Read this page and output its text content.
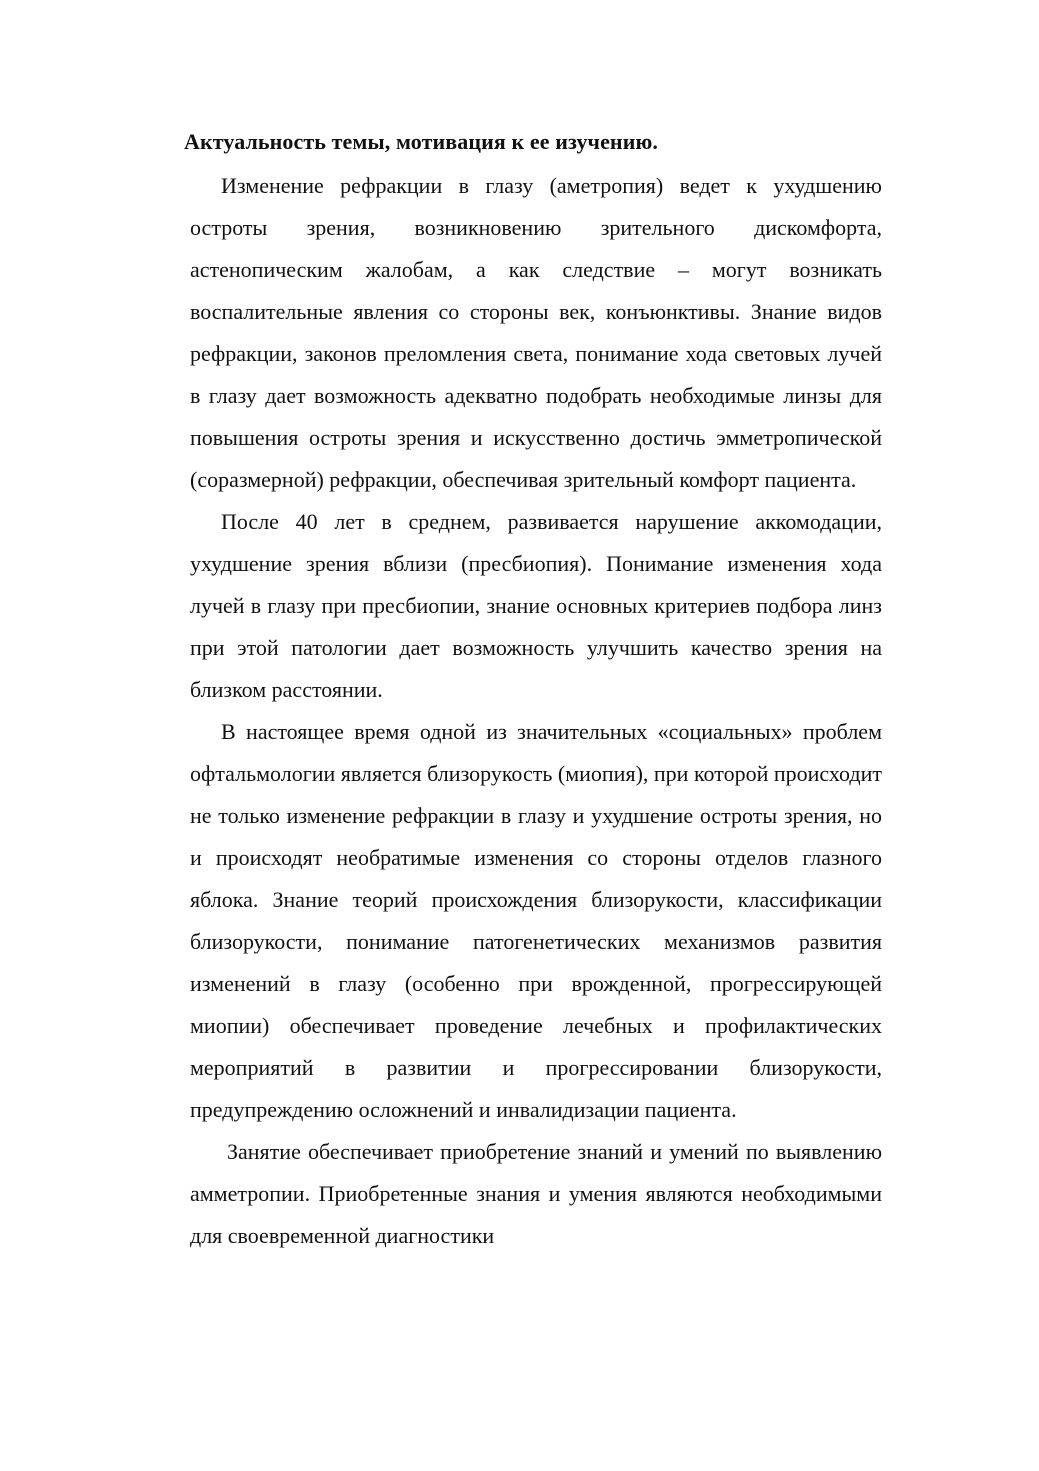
Актуальность темы, мотивация к ее изучению.

Изменение рефракции в глазу (аметропия) ведет к ухудшению остроты зрения, возникновению зрительного дискомфорта, астенопическим жалобам, а как следствие – могут возникать воспалительные явления со стороны век, конъюнктивы. Знание видов рефракции, законов преломления света, понимание хода световых лучей в глазу дает возможность адекватно подобрать необходимые линзы для повышения остроты зрения и искусственно достичь эмметропической (соразмерной) рефракции, обеспечивая зрительный комфорт пациента.

После 40 лет в среднем, развивается нарушение аккомодации, ухудшение зрения вблизи (пресбиопия). Понимание изменения хода лучей в глазу при пресбиопии, знание основных критериев подбора линз при этой патологии дает возможность улучшить качество зрения на близком расстоянии.

В настоящее время одной из значительных «социальных» проблем офтальмологии является близорукость (миопия), при которой происходит не только изменение рефракции в глазу и ухудшение остроты зрения, но и происходят необратимые изменения со стороны отделов глазного яблока. Знание теорий происхождения близорукости, классификации близорукости, понимание патогенетических механизмов развития изменений в глазу (особенно при врожденной, прогрессирующей миопии) обеспечивает проведение лечебных и профилактических мероприятий в развитии и прогрессировании близорукости, предупреждению осложнений и инвалидизации пациента.

Занятие обеспечивает приобретение знаний и умений по выявлению амметропии. Приобретенные знания и умения являются необходимыми для своевременной диагностики
